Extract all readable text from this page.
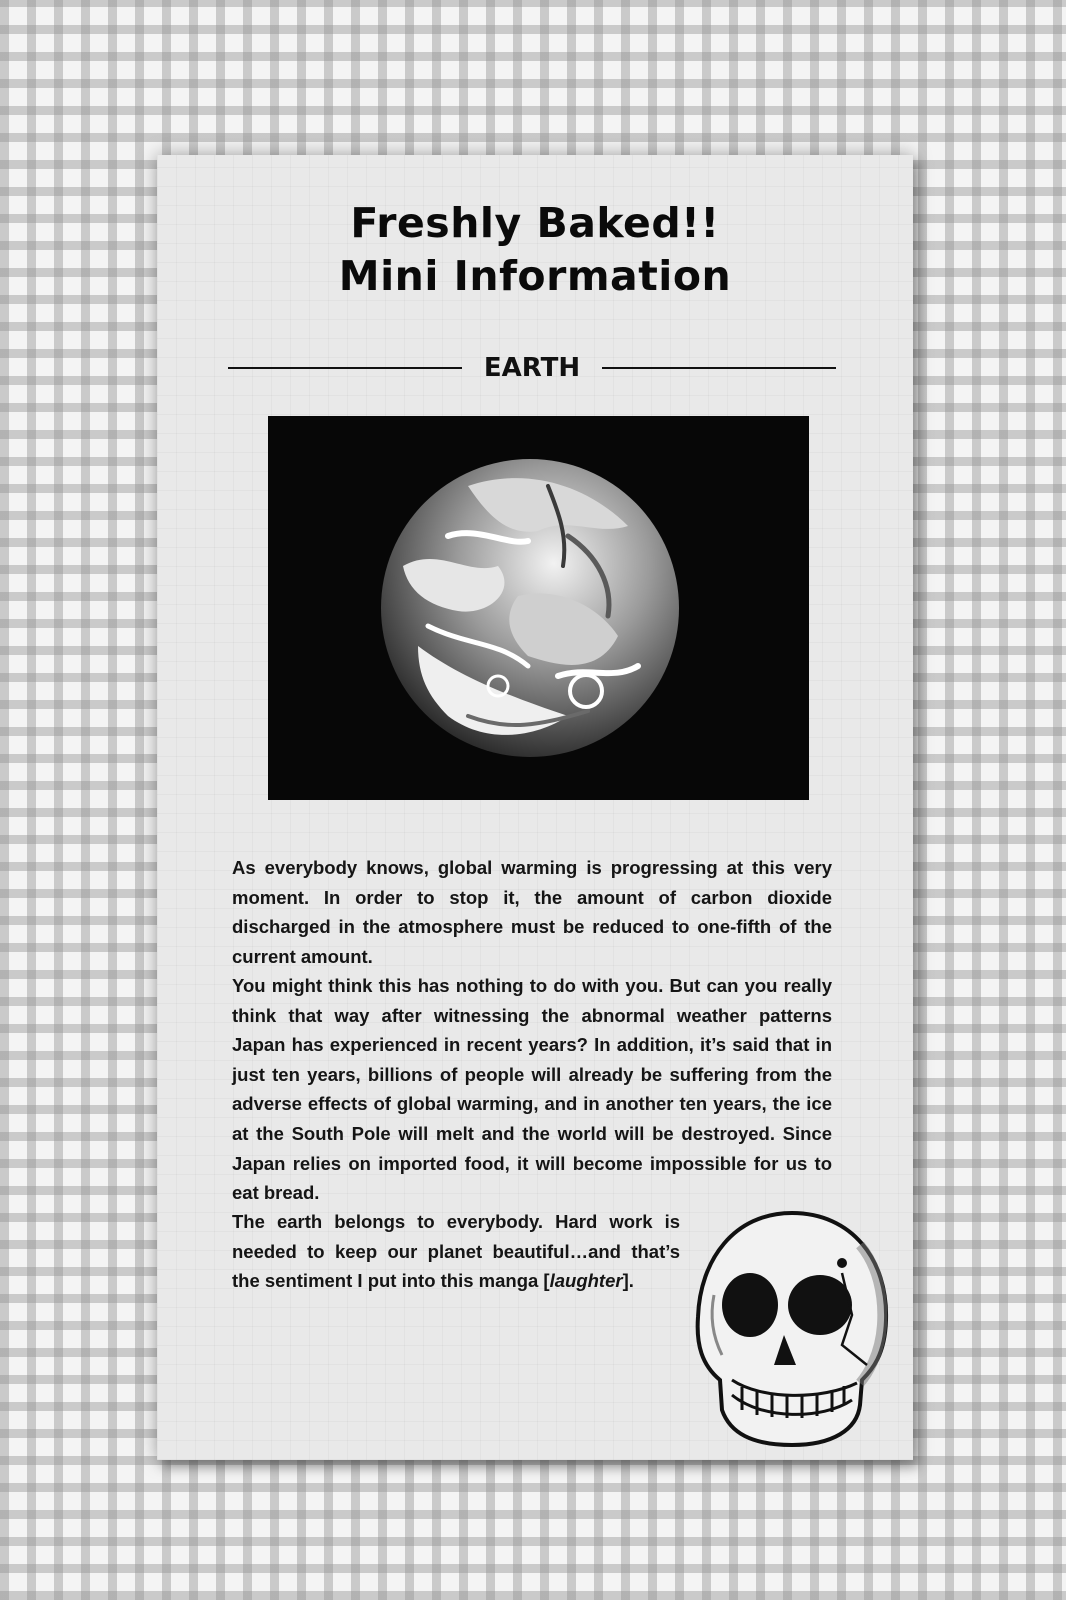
Freshly Baked!!
Mini Information
EARTH

As everybody knows, global warming is progressing at this very moment. In order to stop it, the amount of carbon dioxide discharged in the atmosphere must be reduced to one-fifth of the current amount.

You might think this has nothing to do with you. But can you really think that way after witnessing the abnormal weather patterns Japan has experienced in recent years? In addition, it’s said that in just ten years, billions of people will already be suffering from the adverse effects of global warming, and in another ten years, the ice at the South Pole will melt and the world will be destroyed. Since Japan relies on imported food, it will become impossible for us to eat bread.

The earth belongs to everybody. Hard work is needed to keep our planet beautiful…and that’s the sentiment I put into this manga [laughter].
